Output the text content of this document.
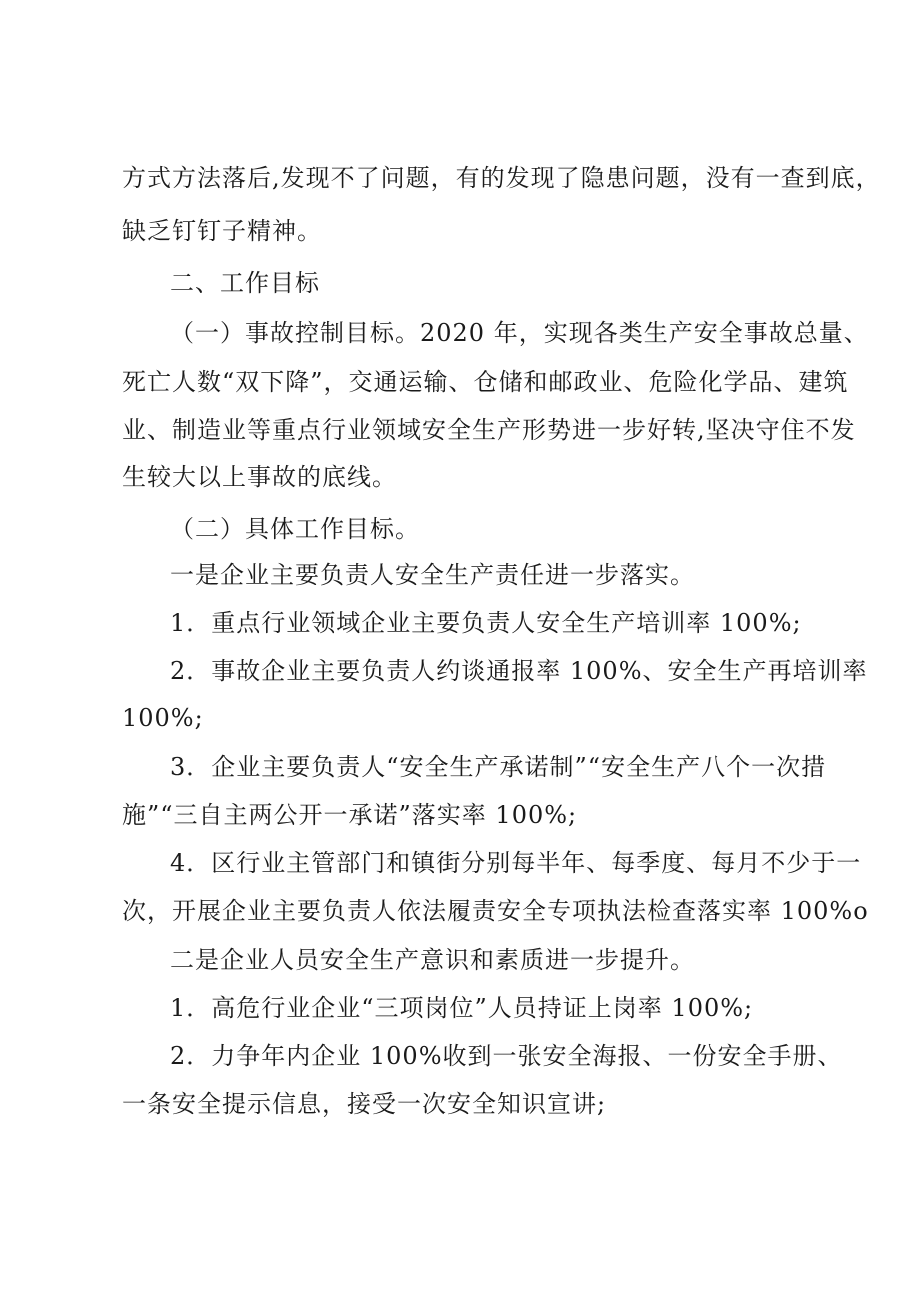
方式方法落后,发现不了问题，有的发现了隐患问题，没有一查到底，
缺乏钉钉子精神。
二、工作目标
（一）事故控制目标。2020 年，实现各类生产安全事故总量、
死亡人数“双下降”，交通运输、仓储和邮政业、危险化学品、建筑
业、制造业等重点行业领域安全生产形势进一步好转,坚决守住不发
生较大以上事故的底线。
（二）具体工作目标。
一是企业主要负责人安全生产责任进一步落实。
1．重点行业领域企业主要负责人安全生产培训率 100%;
2．事故企业主要负责人约谈通报率 100%、安全生产再培训率
100%;
3．企业主要负责人“安全生产承诺制”“安全生产八个一次措
施”“三自主两公开一承诺”落实率 100%;
4．区行业主管部门和镇街分别每半年、每季度、每月不少于一
次，开展企业主要负责人依法履责安全专项执法检查落实率 100%o
二是企业人员安全生产意识和素质进一步提升。
1．高危行业企业“三项岗位”人员持证上岗率 100%;
2．力争年内企业 100%收到一张安全海报、一份安全手册、
一条安全提示信息，接受一次安全知识宣讲;
